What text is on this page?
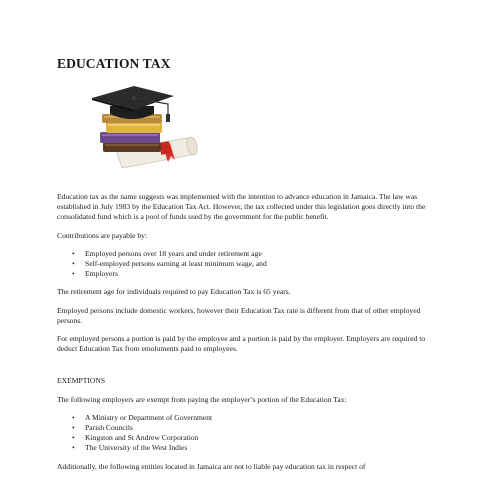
EDUCATION TAX

Education tax as the name suggests was implemented with the intention to advance education in Jamaica. The law was established in July 1983 by the Education Tax Act. However, the tax collected under this legislation goes directly into the consolidated fund which is a pool of funds used by the government for the public benefit.

Contributions are payable by:

• Employed persons over 18 years and under retirement age
• Self-employed persons earning at least minimum wage, and
• Employers

The retirement age for individuals required to pay Education Tax is 65 years.

Employed persons include domestic workers, however their Education Tax rate is different from that of other employed persons.

For employed persons a portion is paid by the employee and a portion is paid by the employer. Employers are required to deduct Education Tax from emoluments paid to employees.

EXEMPTIONS

The following employers are exempt from paying the employer’s portion of the Education Tax:

• A Ministry or Department of Government
• Parish Councils
• Kingston and St Andrew Corporation
• The University of the West Indies

Additionally, the following entities located in Jamaica are not to liable pay education tax in respect of
